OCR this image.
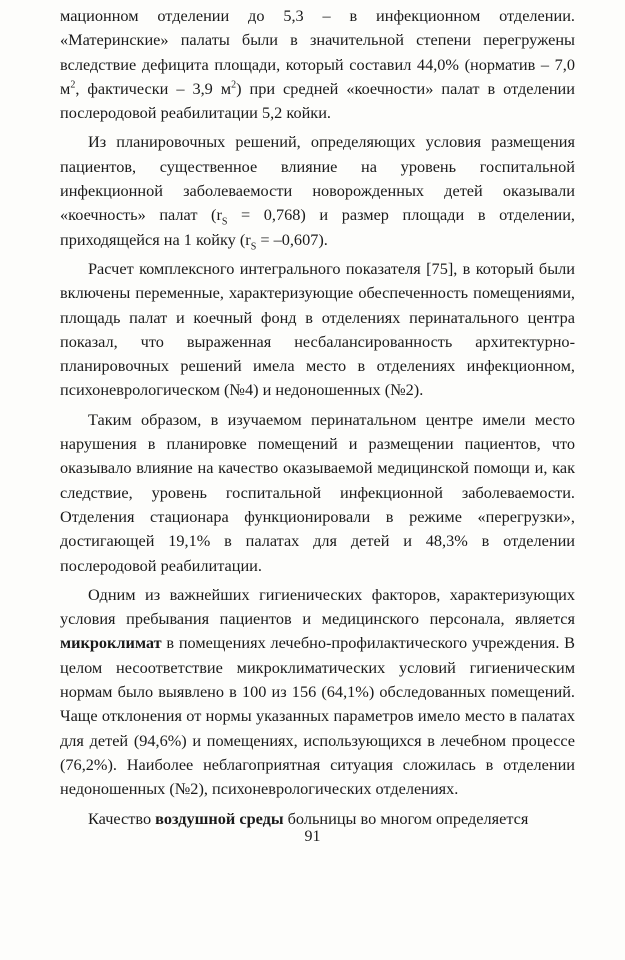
мационном отделении до 5,3 – в инфекционном отделении. «Материнские» палаты были в значительной степени перегружены вследствие дефицита площади, который составил 44,0% (норматив – 7,0 $м^2$, фактически – 3,9 $м^2$) при средней «коечности» палат в отделении послеродовой реабилитации 5,2 койки.

Из планировочных решений, определяющих условия размещения пациентов, существенное влияние на уровень госпитальной инфекционной заболеваемости новорожденных детей оказывали «коечность» палат $(r_S = 0,768)$ и размер площади в отделении, приходящейся на 1 койку $(r_S = -0,607)$.

Расчет комплексного интегрального показателя [75], в который были включены переменные, характеризующие обеспеченность помещениями, площадь палат и коечный фонд в отделениях перинатального центра показал, что выраженная несбалансированность архитектурно-планировочных решений имела место в отделениях инфекционном, психоневрологическом (№4) и недоношенных (№2).

Таким образом, в изучаемом перинатальном центре имели место нарушения в планировке помещений и размещении пациентов, что оказывало влияние на качество оказываемой медицинской помощи и, как следствие, уровень госпитальной инфекционной заболеваемости. Отделения стационара функционировали в режиме «перегрузки», достигающей 19,1% в палатах для детей и 48,3% в отделении послеродовой реабилитации.

Одним из важнейших гигиенических факторов, характеризующих условия пребывания пациентов и медицинского персонала, является микроклимат в помещениях лечебно-профилактического учреждения. В целом несоответствие микроклиматических условий гигиеническим нормам было выявлено в 100 из 156 (64,1%) обследованных помещений. Чаще отклонения от нормы указанных параметров имело место в палатах для детей (94,6%) и помещениях, использующихся в лечебном процессе (76,2%). Наиболее неблагоприятная ситуация сложилась в отделении недоношенных (№2), психоневрологических отделениях.

Качество воздушной среды больницы во многом определяется

91
